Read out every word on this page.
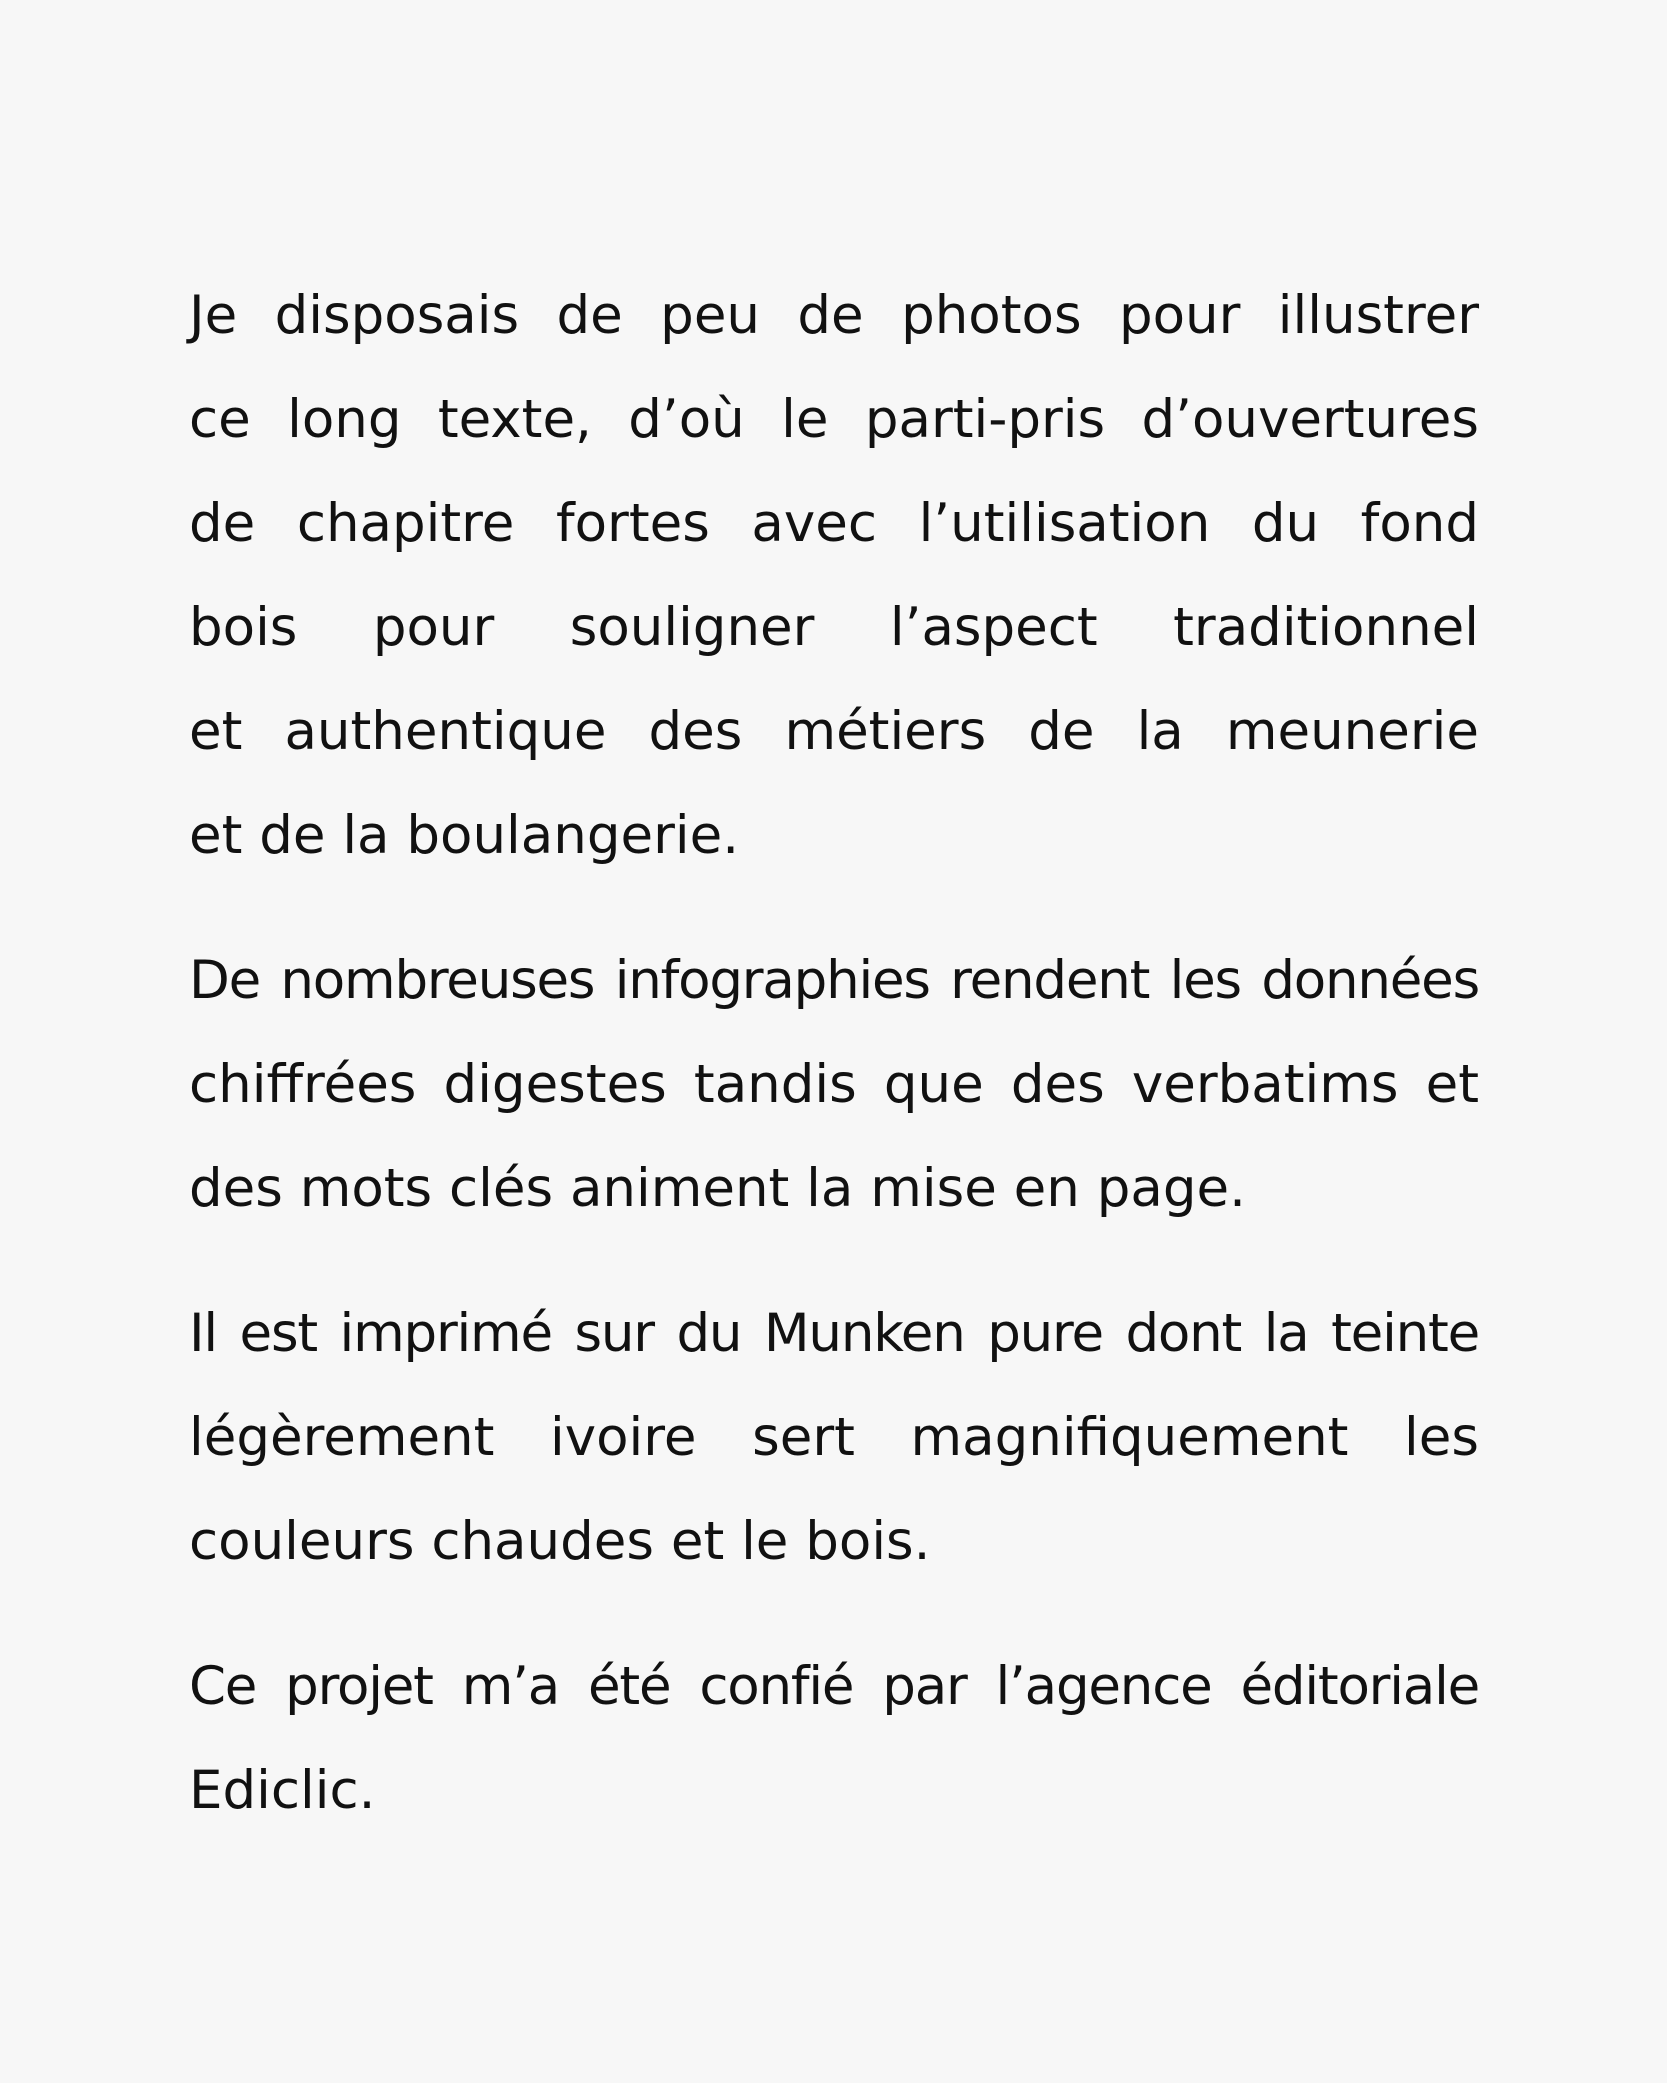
Je disposais de peu de photos pour illustrer
ce long texte, d’où le parti-pris d’ouvertures
de chapitre fortes avec l’utilisation du fond
bois pour souligner l’aspect traditionnel
et authentique des métiers de la meunerie
et de la boulangerie.

De nombreuses infographies rendent les données
chiffrées digestes tandis que des verbatims et
des mots clés animent la mise en page.

Il est imprimé sur du Munken pure dont la teinte
légèrement ivoire sert magnifiquement les
couleurs chaudes et le bois.

Ce projet m’a été confié par l’agence éditoriale
Ediclic.
